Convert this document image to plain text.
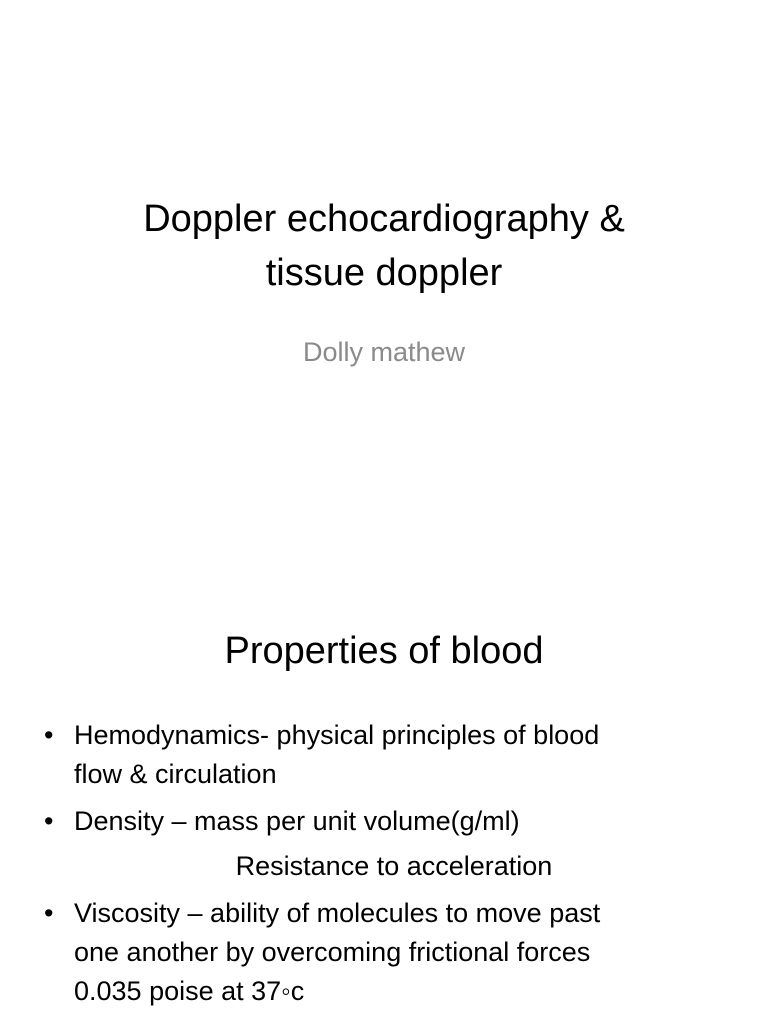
Doppler echocardiography &
tissue doppler
Dolly mathew
Properties of blood
• Hemodynamics- physical principles of blood
flow & circulation
• Density – mass per unit volume(g/ml)
Resistance to acceleration
• Viscosity – ability of molecules to move past
one another by overcoming frictional forces
0.035 poise at 37◦c
